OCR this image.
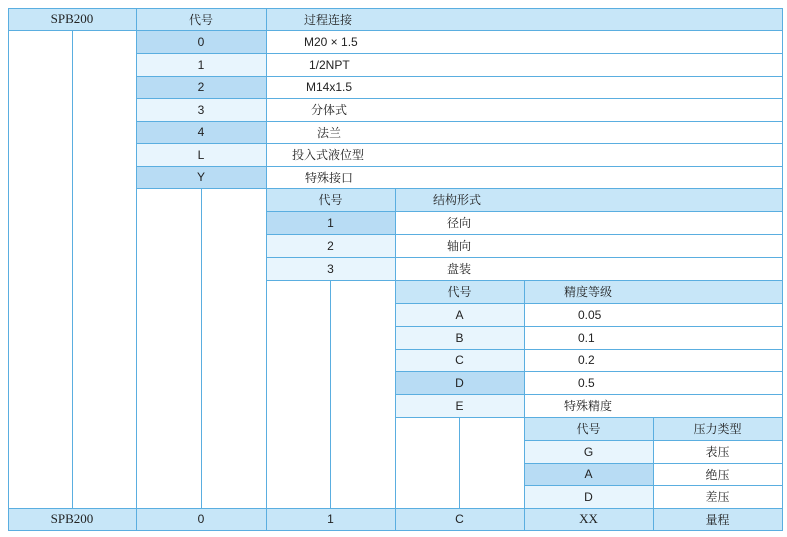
SPB200	代号	过程连接
0	M20 × 1.5
1	1/2NPT
2	M14x1.5
3	分体式
4	法兰
L	投入式液位型
Y	特殊接口
代号	结构形式
1	径向
2	轴向
3	盘装
代号	精度等级
A	0.05
B	0.1
C	0.2
D	0.5
E	特殊精度
代号	压力类型
G	表压
A	绝压
D	差压
SPB200	0	1	C	XX	量程
